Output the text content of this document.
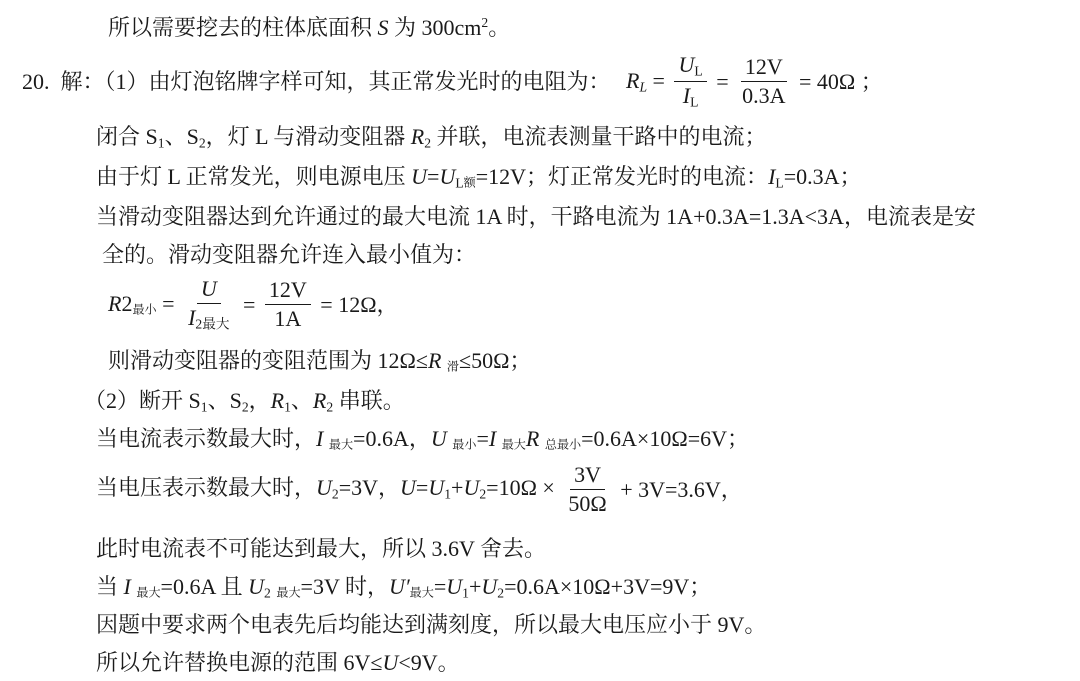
所以需要挖去的柱体底面积 S 为 $300cm^2$。
20.  解：（1）由灯泡铭牌字样可知，其正常发光时的电阻为： $R_L = \frac{U_L}{I_L} = \frac{12V}{0.3A} = 40\Omega$ ；
闭合 $S_1$、$S_2$，灯 L 与滑动变阻器 $R_2$ 并联，电流表测量干路中的电流；
由于灯 L 正常发光，则电源电压 $U=U_L$额=12V；灯正常发光时的电流：$I_L=0.3A$；
当滑动变阻器达到允许通过的最大电流 1A 时，干路电流为 1A+0.3A=1.3A<3A，电流表是安
全的。滑动变阻器允许连入最小值为：
R2最小 = $\frac{U}{I_{2最大}} = \frac{12V}{1A} = 12\Omega$，
则滑动变阻器的变阻范围为 12Ω≤R 滑≤50Ω；
（2）断开 $S_1$、$S_2$，$R_1$、$R_2$ 串联。
当电流表示数最大时，I 最大=0.6A，U 最小=I 最大R 总最小=0.6A×10Ω=6V；
当电压表示数最大时，$U_2=3V$，$U=U_1+U_2=10\Omega \times \frac{3V}{50\Omega} + 3V=3.6V$，
此时电流表不可能达到最大，所以 3.6V 舍去。
当 I 最大=0.6A 且 $U_2$ 最大=3V 时，U′最大$=U_1+U_2=0.6A\times 10\Omega+3V=9V$；
因题中要求两个电表先后均能达到满刻度，所以最大电压应小于 9V。
所以允许替换电源的范围 6V≤U<9V。
